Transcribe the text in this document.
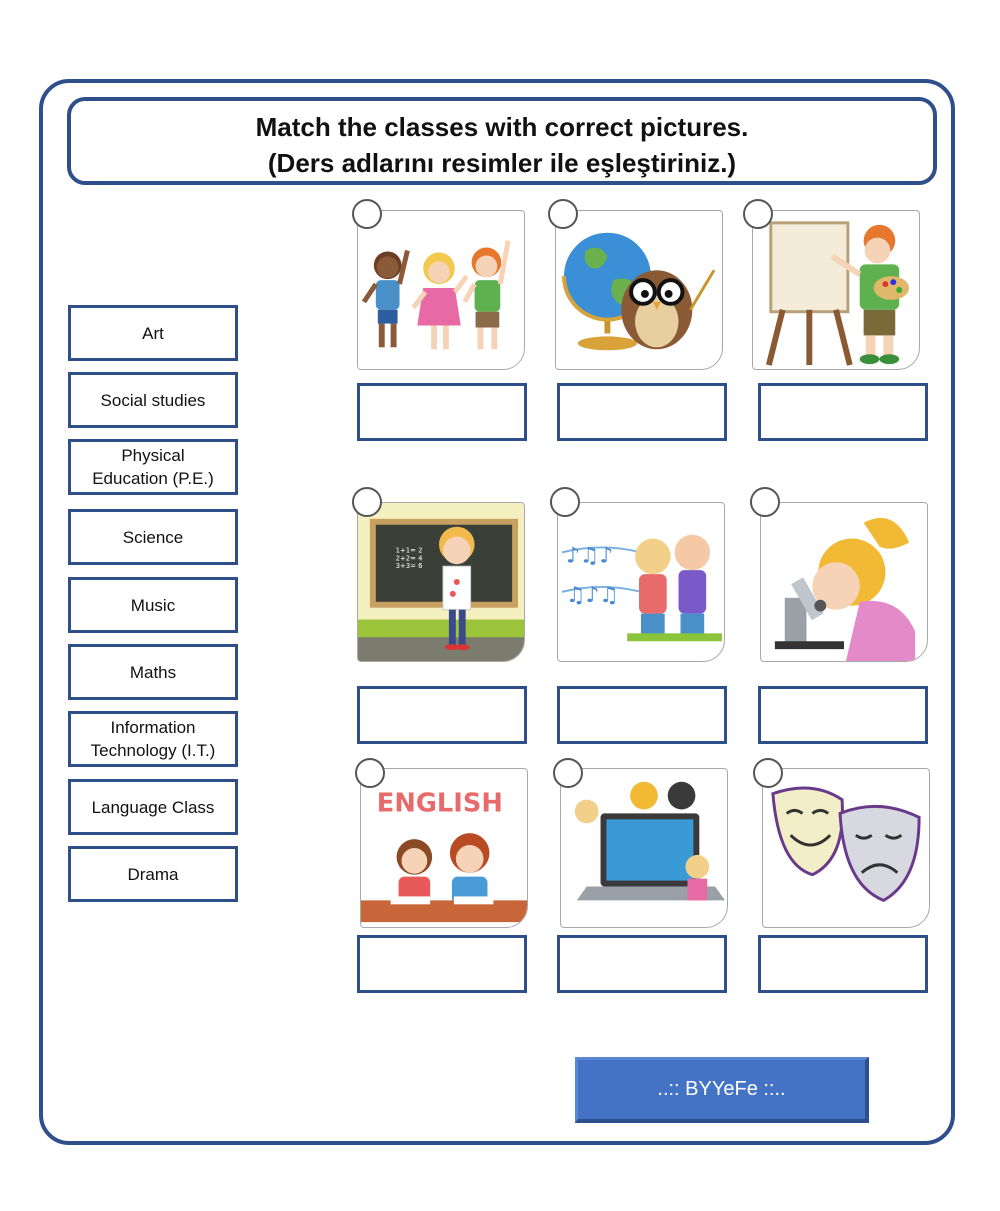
Match the classes with correct pictures.
(Ders adlarını resimler ile eşleştiriniz.)
Art
Social studies
Physical
Education (P.E.)
Science
Music
Maths
Information
Technology (I.T.)
Language Class
Drama
1+1= 2
2+2= 4
3+3= 6	♪♫♪
♫♪♫
ENGLISH
..:: BYYeFe ::..
